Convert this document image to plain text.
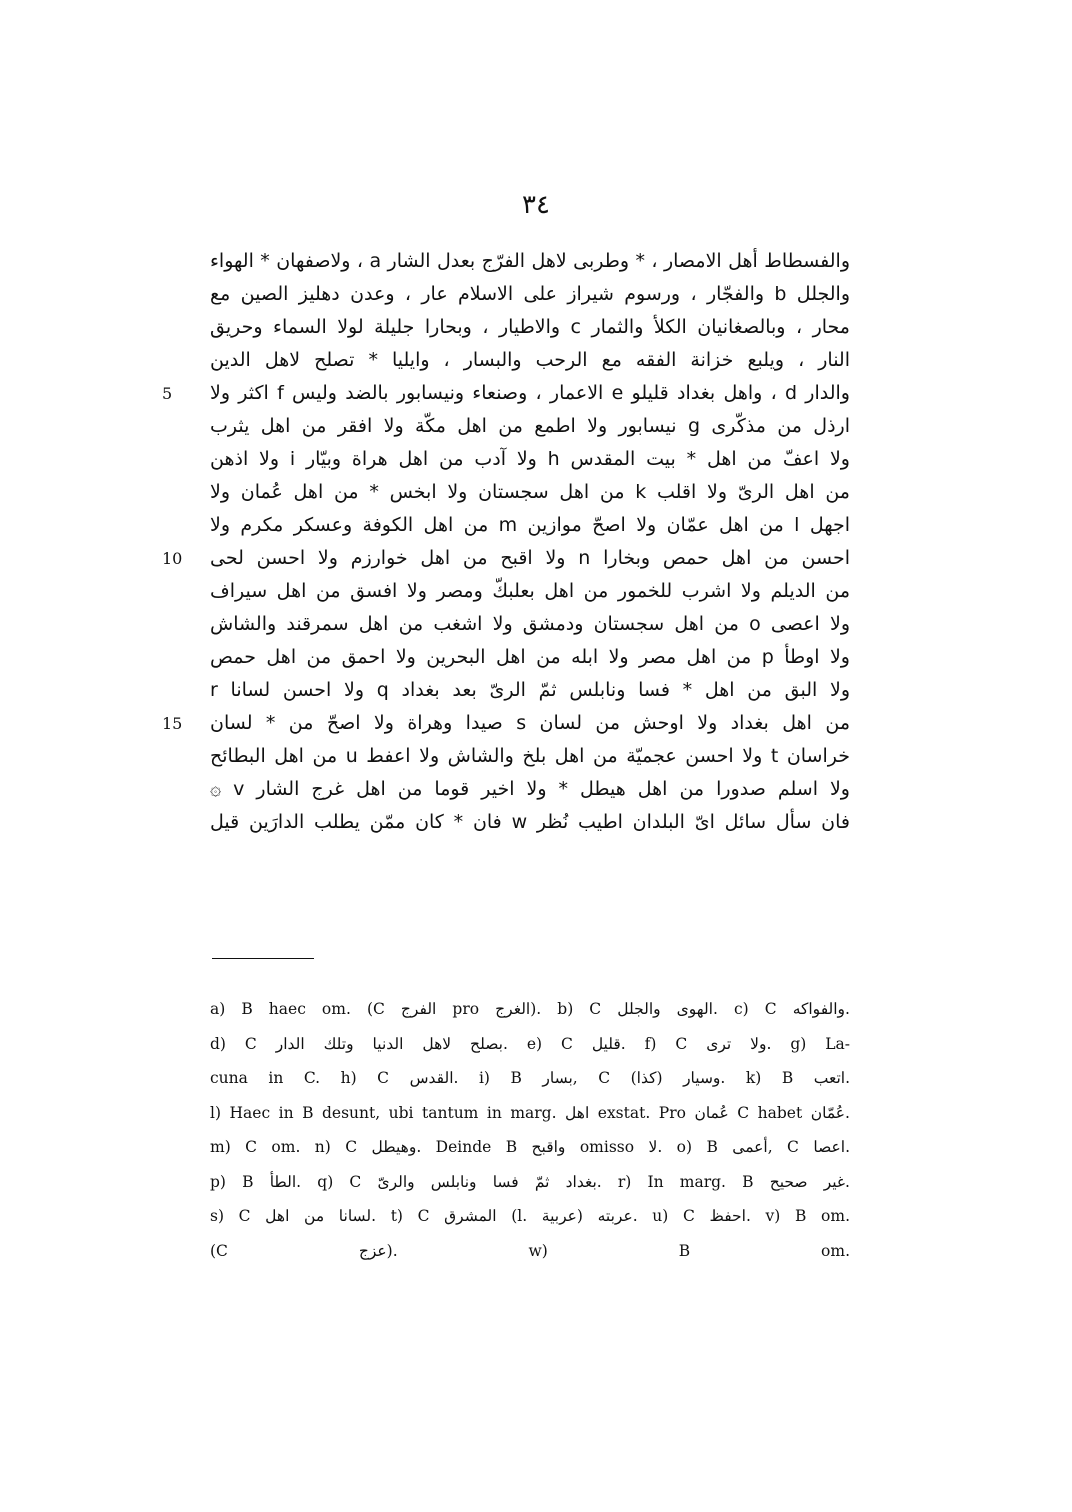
٣٤
والفسطاط أهل الامصار ، * وطربى لاهل الفرّج بعدل الشار a ، ولاصفهان * الهواء
والجلل b والفجّار ، ورسوم شيراز على الاسلام عار ، وعدن دهليز الصين مع
محار ، وبالصغانيان الكلأ والثمار c والاطيار ، وبحارا جليلة لولا السماء وحريق
النار ، ويلبع خزانة الفقه مع الرحب والبسار ، وايليا * تصلح لاهل الدين
5	والدار d ، واهل بغداد قليلو e الاعمار ، وصنعاء ونيسابور بالضد وليس f اكثر ولا
ارذل من مذكّرى g نيسابور ولا اطمع من اهل مكّة ولا افقر من اهل يثرب
ولا اعفّ من اهل * بيت المقدس h ولا آدب من اهل هراة وبيّار i ولا اذهن
من اهل الرىّ ولا اقلب k من اهل سجستان ولا ابخس * من اهل عُمان ولا
اجهل l من اهل عمّان ولا اصحّ موازين m من اهل الكوفة وعسكر مكرم ولا
10	احسن من اهل حمص وبخارا n ولا اقبح من اهل خوارزم ولا احسن لحى
من الديلم ولا اشرب للخمور من اهل بعلبكّ ومصر ولا افسق من اهل سيراف
ولا اعصى o من اهل سجستان ودمشق ولا اشغب من اهل سمرقند والشاش
ولا اوطأ p من اهل مصر ولا ابله من اهل البحرين ولا احمق من اهل حمص
ولا البق من اهل * فسا ونابلس ثمّ الرىّ بعد بغداد q ولا احسن لسانا r
15	من اهل بغداد ولا اوحش من لسان s صيدا وهراة ولا اصحّ من * لسان
خراسان t ولا احسن عجميّة من اهل بلخ والشاش ولا اعفط u من اهل البطائح
ولا اسلم صدورا من اهل هيطل * ولا اخير قوما من اهل غرج الشار v ۞
فان سأل سائل اىّ البلدان اطيب نُظر w فان * كان ممّن يطلب الدارَين قيل
a) B haec om. (C الفرج pro الغرج). b) C الهوى والجلل. c) C والفواكه.
d) C بصلح لاهل الدنيا وتلك الدار. e) C قليل. f) C ولا ترى. g) La-
cuna in C. h) C القدس. i) B بسار, C وسيار (كذا). k) B اتعب.
l) Haec in B desunt, ubi tantum in marg. اهل exstat. Pro عُمان C habet عُمّان.
m) C om. n) C وهيطل. Deinde B واقبح omisso لا. o) B أعمى, C اعصا.
p) B الطأ. q) C بغداد ثمّ فسا ونابلس والرىّ. r) In marg. B غير صحيح.
s) C لسانا من اهل. t) C المشرق (l. عربية) عربته. u) C احفظ. v) B om.
(C عزج). w) B om.
